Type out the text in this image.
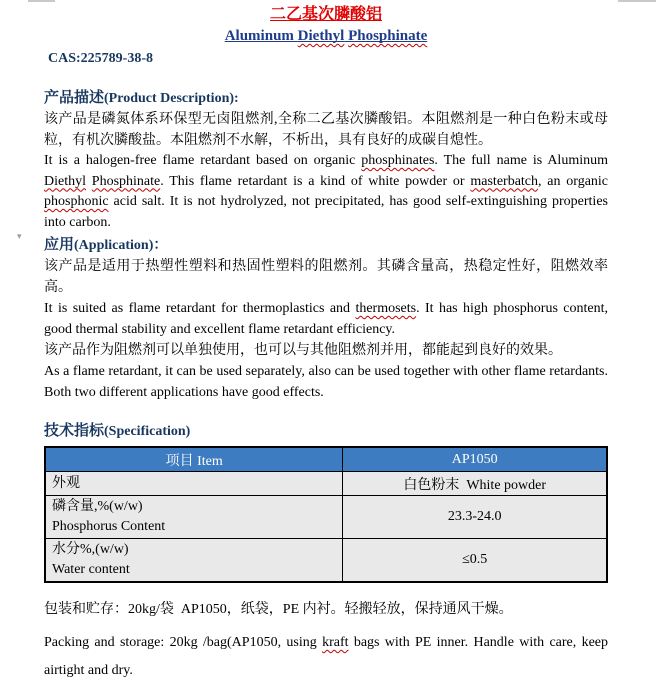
▾
二乙基次膦酸铝
Aluminum Diethyl Phosphinate
CAS:225789-38-8
产品描述(Product Description):
该产品是磷氮体系环保型无卤阻燃剂,全称二乙基次膦酸铝。本阻燃剂是一种白色粉末或母粒，有机次膦酸盐。本阻燃剂不水解，不析出，具有良好的成碳自熄性。
It is a halogen-free flame retardant based on organic phosphinates. The full name is Aluminum Diethyl Phosphinate. This flame retardant is a kind of white powder or masterbatch, an organic phosphonic acid salt. It is not hydrolyzed, not precipitated, has good self-extinguishing properties into carbon.
应用(Application)：
该产品是适用于热塑性塑料和热固性塑料的阻燃剂。其磷含量高，热稳定性好，阻燃效率高。
It is suited as flame retardant for thermoplastics and thermosets. It has high phosphorus content, good thermal stability and excellent flame retardant efficiency.
该产品作为阻燃剂可以单独使用，也可以与其他阻燃剂并用，都能起到良好的效果。
As a flame retardant, it can be used separately, also can be used together with other flame retardants. Both two different applications have good effects.
技术指标(Specification)
项目 Item	AP1050

外观	白色粉末  White powder

磷含量,%(w/w)
Phosphorus Content	23.3-24.0

水分%,(w/w)
Water content	≤0.5
包装和贮存：20kg/袋  AP1050，纸袋，PE 内衬。轻搬轻放，保持通风干燥。
Packing and storage: 20kg /bag(AP1050, using kraft bags with PE inner. Handle with care, keep airtight and dry.
